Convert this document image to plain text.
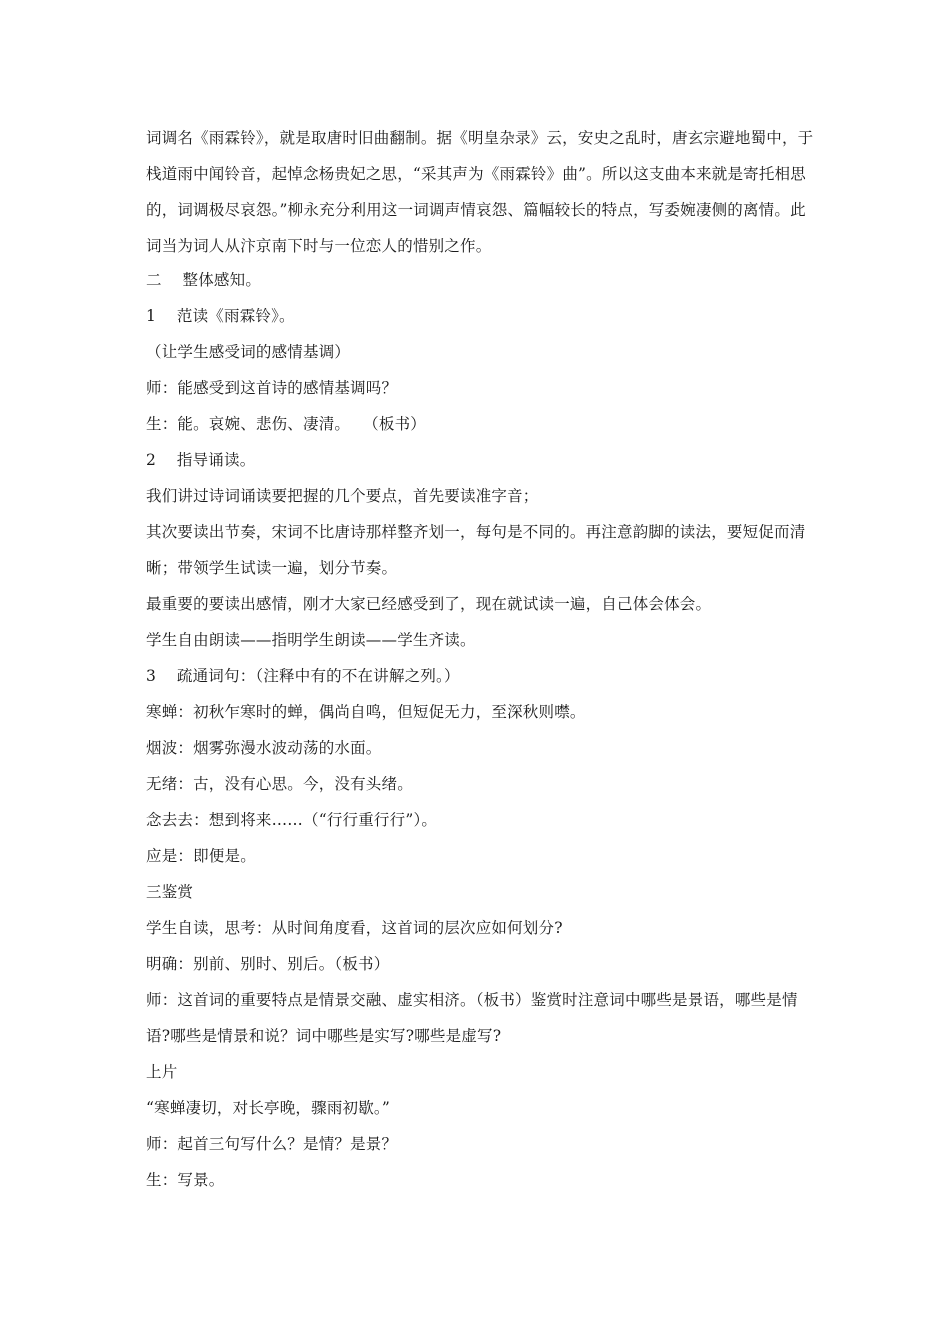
词调名《雨霖铃》，就是取唐时旧曲翻制。据《明皇杂录》云，安史之乱时，唐玄宗避地蜀中，于栈道雨中闻铃音，起悼念杨贵妃之思，“采其声为《雨霖铃》曲”。所以这支曲本来就是寄托相思的，词调极尽哀怨。”柳永充分利用这一词调声情哀怨、篇幅较长的特点，写委婉凄侧的离情。此词当为词人从汴京南下时与一位恋人的惜别之作。

二　 整体感知。

1　 范读《雨霖铃》。

（让学生感受词的感情基调）

师：能感受到这首诗的感情基调吗？

生：能。哀婉、悲伤、凄清。　 （板书）

2　 指导诵读。

我们讲过诗词诵读要把握的几个要点，首先要读准字音；

其次要读出节奏，宋词不比唐诗那样整齐划一，每句是不同的。再注意韵脚的读法，要短促而清晰；带领学生试读一遍，划分节奏。

最重要的要读出感情，刚才大家已经感受到了，现在就试读一遍，自己体会体会。

学生自由朗读——指明学生朗读——学生齐读。

3　 疏通词句：（注释中有的不在讲解之列。）

寒蝉：初秋乍寒时的蝉，偶尚自鸣，但短促无力，至深秋则噤。

烟波：烟雾弥漫水波动荡的水面。

无绪：古，没有心思。今，没有头绪。

念去去：想到将来……（“行行重行行”）。

应是：即便是。

三鉴赏

学生自读，思考：从时间角度看，这首词的层次应如何划分?

明确：别前、别时、别后。（板书）

师：这首词的重要特点是情景交融、虚实相济。（板书）鉴赏时注意词中哪些是景语，哪些是情语?哪些是情景和说？词中哪些是实写?哪些是虚写?

上片

“寒蝉凄切，对长亭晚，骤雨初歇。”

师：起首三句写什么？是情？是景？

生：写景。
